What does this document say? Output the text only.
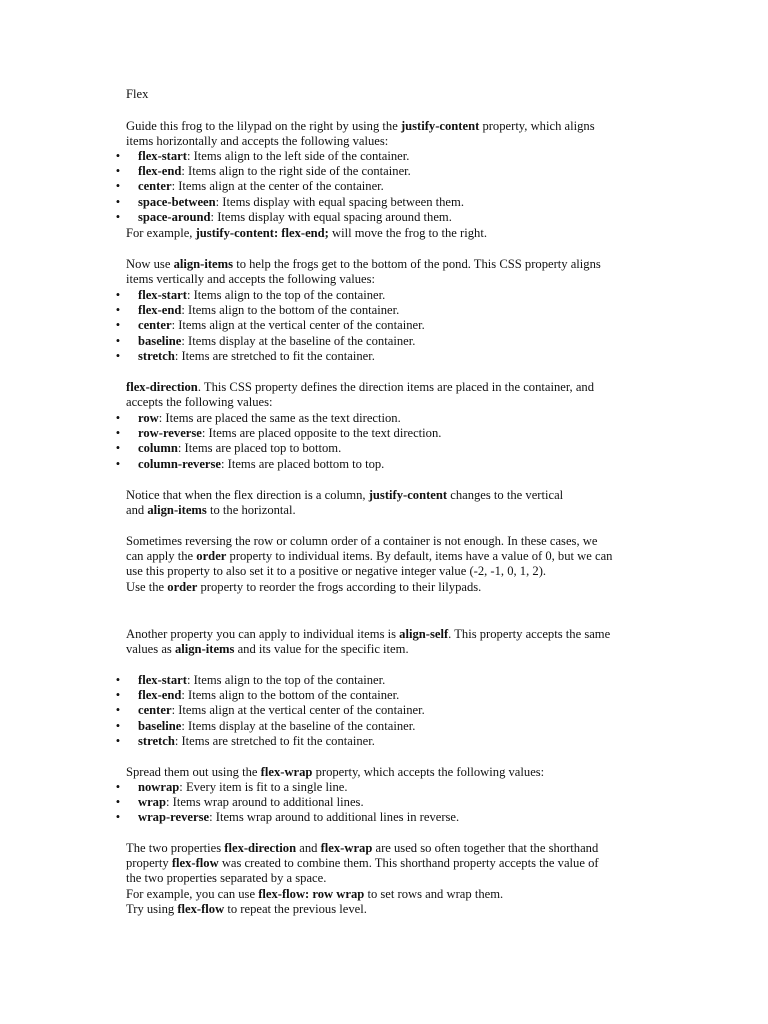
Flex

Guide this frog to the lilypad on the right by using the justify-content property, which aligns
items horizontally and accepts the following values:

•	flex-start: Items align to the left side of the container.
•	flex-end: Items align to the right side of the container.
•	center: Items align at the center of the container.
•	space-between: Items display with equal spacing between them.
•	space-around: Items display with equal spacing around them.
For example, justify-content: flex-end; will move the frog to the right.
Now use align-items to help the frogs get to the bottom of the pond. This CSS property aligns
items vertically and accepts the following values:
•	flex-start: Items align to the top of the container.
•	flex-end: Items align to the bottom of the container.
•	center: Items align at the vertical center of the container.
•	baseline: Items display at the baseline of the container.
•	stretch: Items are stretched to fit the container.
flex-direction. This CSS property defines the direction items are placed in the container, and
accepts the following values:
•	row: Items are placed the same as the text direction.
•	row-reverse: Items are placed opposite to the text direction.
•	column: Items are placed top to bottom.
•	column-reverse: Items are placed bottom to top.
Notice that when the flex direction is a column, justify-content changes to the vertical
and align-items to the horizontal.
Sometimes reversing the row or column order of a container is not enough. In these cases, we
can apply the order property to individual items. By default, items have a value of 0, but we can
use this property to also set it to a positive or negative integer value (-2, -1, 0, 1, 2).
Use the order property to reorder the frogs according to their lilypads.
Another property you can apply to individual items is align-self. This property accepts the same
values as align-items and its value for the specific item.
•	flex-start: Items align to the top of the container.
•	flex-end: Items align to the bottom of the container.
•	center: Items align at the vertical center of the container.
•	baseline: Items display at the baseline of the container.
•	stretch: Items are stretched to fit the container.
Spread them out using the flex-wrap property, which accepts the following values:
•	nowrap: Every item is fit to a single line.
•	wrap: Items wrap around to additional lines.
•	wrap-reverse: Items wrap around to additional lines in reverse.
The two properties flex-direction and flex-wrap are used so often together that the shorthand
property flex-flow was created to combine them. This shorthand property accepts the value of
the two properties separated by a space.
For example, you can use flex-flow: row wrap to set rows and wrap them.
Try using flex-flow to repeat the previous level.
